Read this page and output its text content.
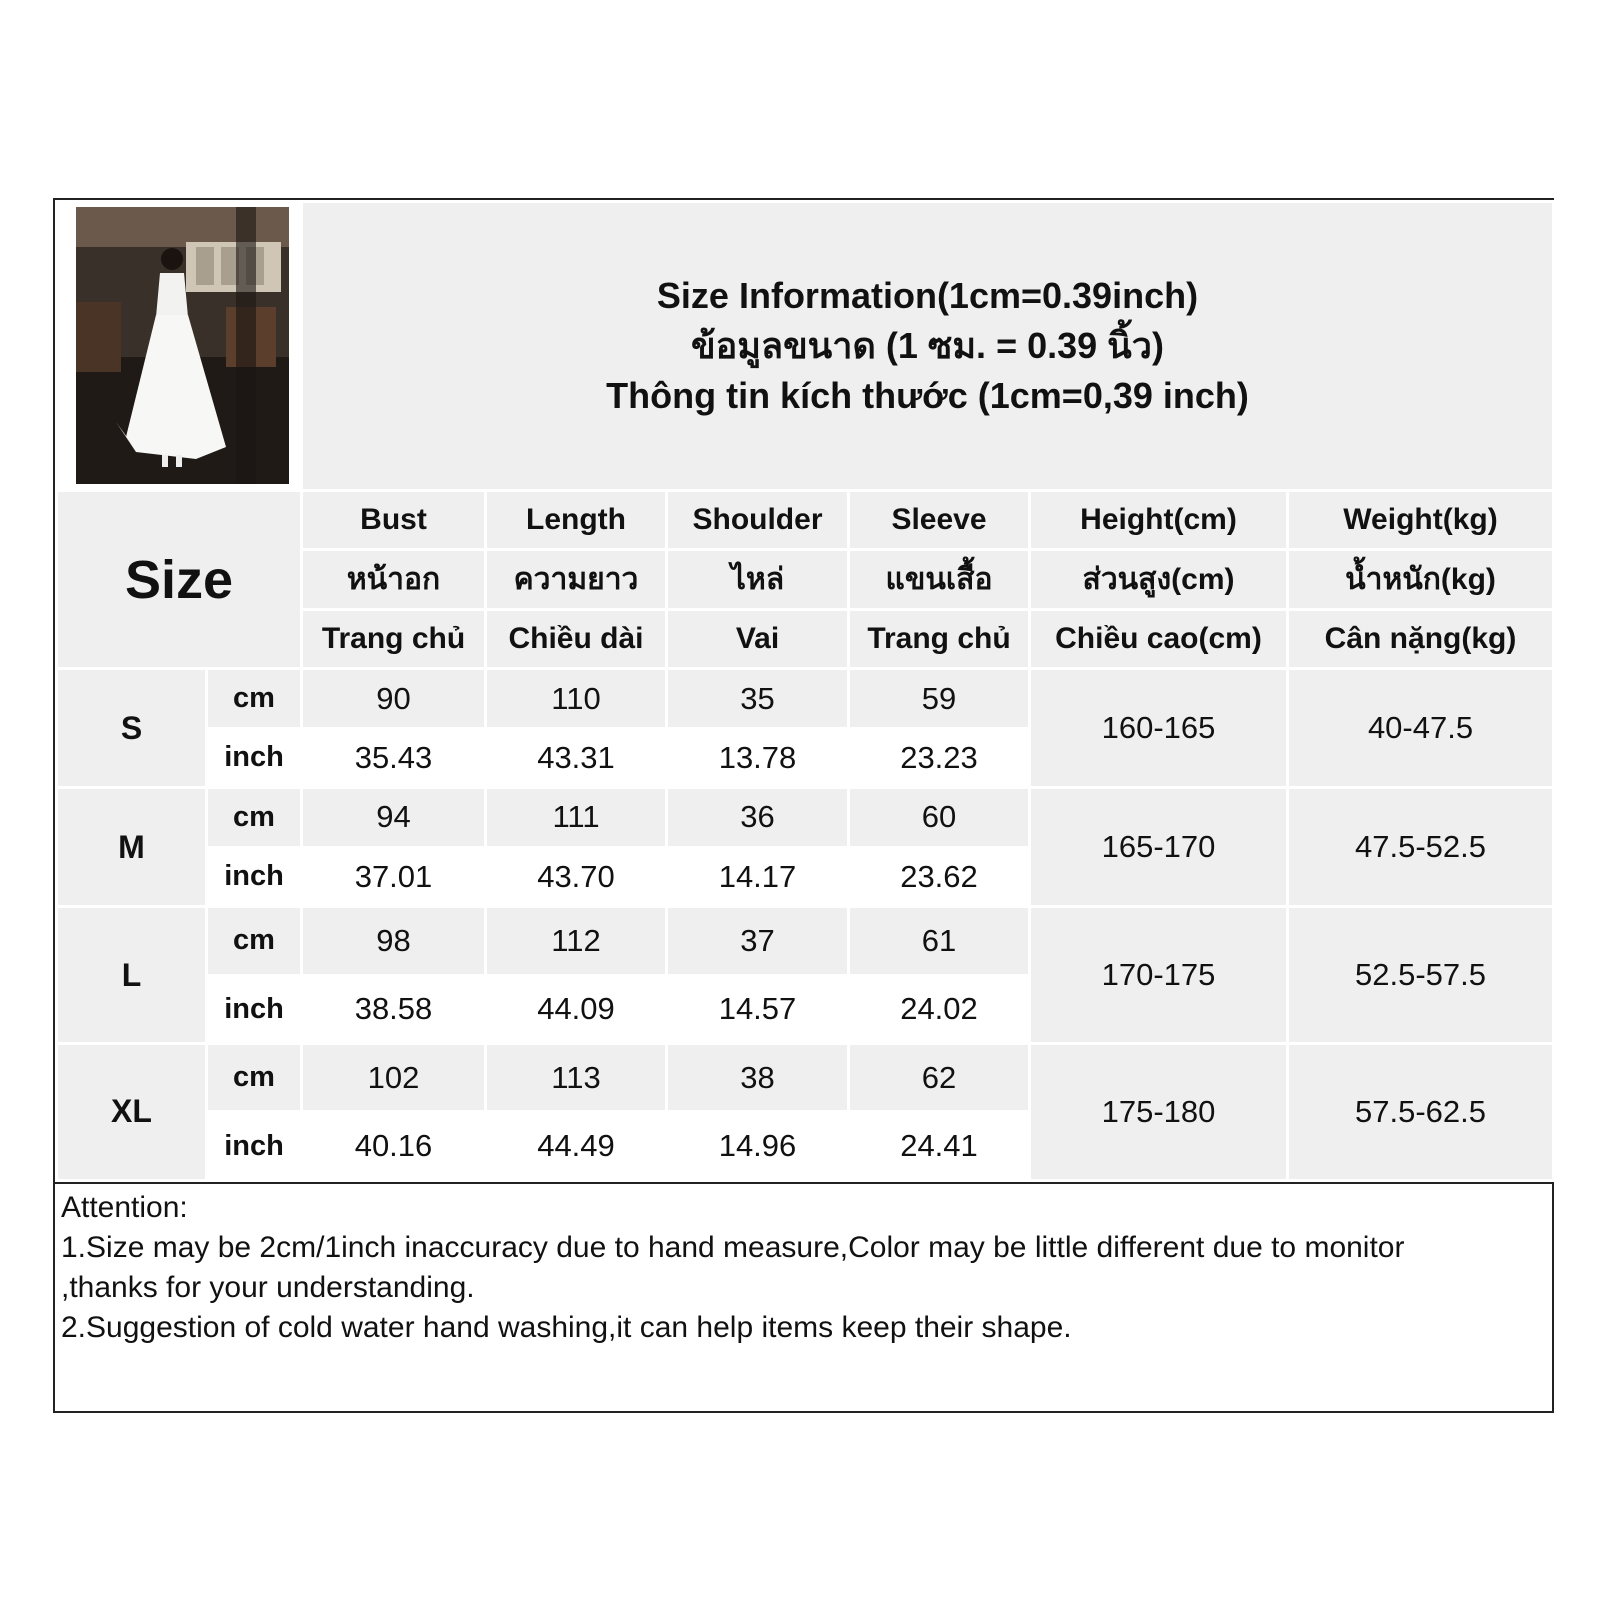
Size Information(1cm=0.39inch)
ข้อมูลขนาด (1 ซม. = 0.39 นิ้ว)
Thông tin kích thước (1cm=0,39 inch)					

Size		Bust	Length	Shoulder	Sleeve	Height(cm)	Weight(kg)
		หน้าอก	ความยาว	ไหล่	แขนเสื้อ	ส่วนสูง(cm)	น้ำหนัก(kg)
		Trang chủ	Chiều dài	Vai	Trang chủ	Chiều cao(cm)	Cân nặng(kg)
S	cm	90	110	35	59	160-165	40-47.5
	inch	35.43	43.31	13.78	23.23		
M	cm	94	111	36	60	165-170	47.5-52.5
	inch	37.01	43.70	14.17	23.62		
L	cm	98	112	37	61	170-175	52.5-57.5
	inch	38.58	44.09	14.57	24.02		
XL	cm	102	113	38	62	175-180	57.5-62.5
	inch	40.16	44.49	14.96	24.41		
Attention:
1.Size may be 2cm/1inch inaccuracy due to hand measure,Color may be little different due to monitor
,thanks for your understanding.
2.Suggestion of cold water hand washing,it can help items keep their shape.
